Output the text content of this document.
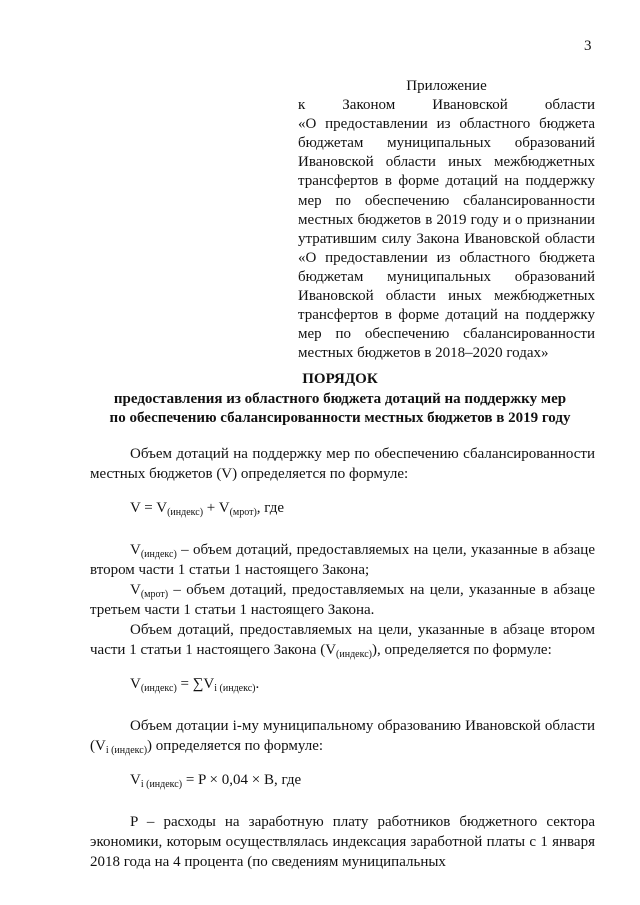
3
Приложение
к Законом Ивановской области
«О предоставлении из областного бюджета
бюджетам муниципальных образований
Ивановской области иных межбюджетных
трансфертов в форме дотаций на поддержку
мер по обеспечению сбалансированности
местных бюджетов в 2019 году и о признании
утратившим силу Закона Ивановской области
«О предоставлении из областного бюджета
бюджетам муниципальных образований
Ивановской области иных межбюджетных
трансфертов в форме дотаций на поддержку
мер по обеспечению сбалансированности
местных бюджетов в 2018–2020 годах»
ПОРЯДОК
предоставления из областного бюджета дотаций на поддержку мер
по обеспечению сбалансированности местных бюджетов в 2019 году

Объем дотаций на поддержку мер по обеспечению сбалансированности местных бюджетов (V) определяется по формуле:

$V = V_{(индекс)} + V_{(мрот)}$, где

$V_{(индекс)}$ – объем дотаций, предоставляемых на цели, указанные в абзаце втором части 1 статьи 1 настоящего Закона;

$V_{(мрот)}$ – объем дотаций, предоставляемых на цели, указанные в абзаце третьем части 1 статьи 1 настоящего Закона.

Объем дотаций, предоставляемых на цели, указанные в абзаце втором части 1 статьи 1 настоящего Закона $(V_{(индекс)})$, определяется по формуле:

$V_{(индекс)} = \sum V_{i (индекс)}$.

Объем дотации i-му муниципальному образованию Ивановской области $(V_{i (индекс)})$ определяется по формуле:

$V_{i (индекс)} = P \times 0,04 \times B$, где

P – расходы на заработную плату работников бюджетного сектора экономики, которым осуществлялась индексация заработной платы с 1 января 2018 года на 4 процента (по сведениям муниципальных
